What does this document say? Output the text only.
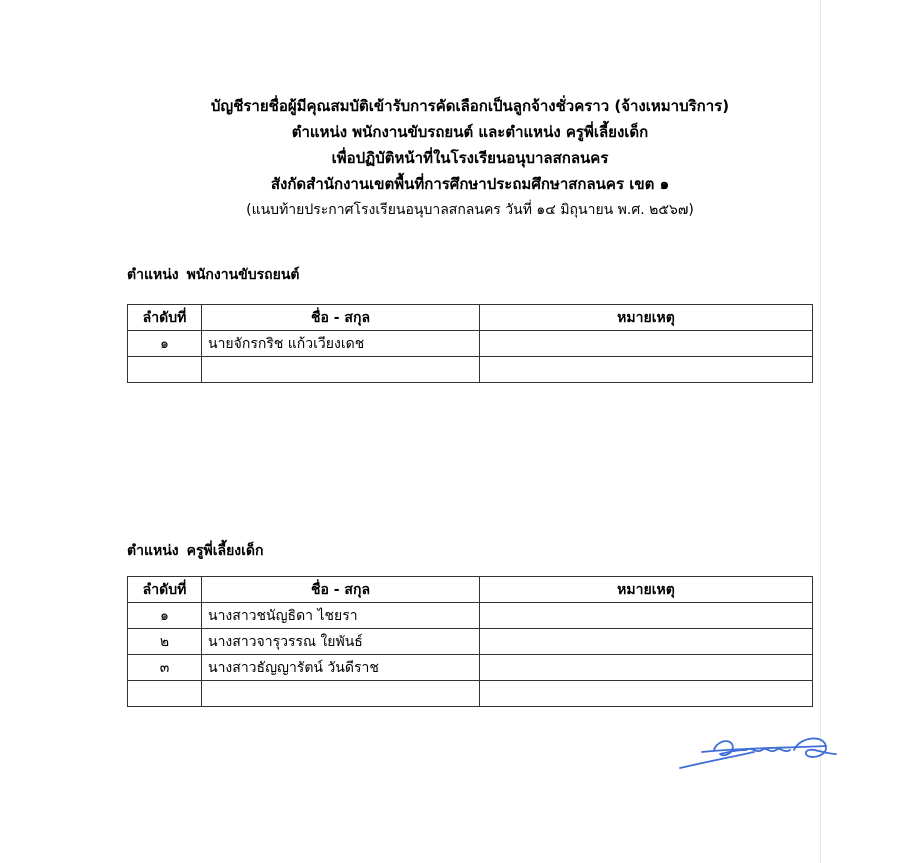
บัญชีรายชื่อผู้มีคุณสมบัติเข้ารับการคัดเลือกเป็นลูกจ้างชั่วคราว (จ้างเหมาบริการ)
ตำแหน่ง พนักงานขับรถยนต์ และตำแหน่ง ครูพี่เลี้ยงเด็ก
เพื่อปฏิบัติหน้าที่ในโรงเรียนอนุบาลสกลนคร
สังกัดสำนักงานเขตพื้นที่การศึกษาประถมศึกษาสกลนคร เขต ๑
(แนบท้ายประกาศโรงเรียนอนุบาลสกลนคร วันที่ ๑๔ มิถุนายน พ.ศ. ๒๕๖๗)
ตำแหน่ง พนักงานขับรถยนต์
ลำดับที่	ชื่อ - สกุล	หมายเหตุ
๑	นายจักรกริช แก้วเวียงเดช	

ตำแหน่ง ครูพี่เลี้ยงเด็ก
ลำดับที่	ชื่อ - สกุล	หมายเหตุ
๑	นางสาวชนัญธิดา ไชยรา	
๒	นางสาวจารุวรรณ ใยพันธ์	
๓	นางสาวธัญญารัตน์ วันดีราช	
